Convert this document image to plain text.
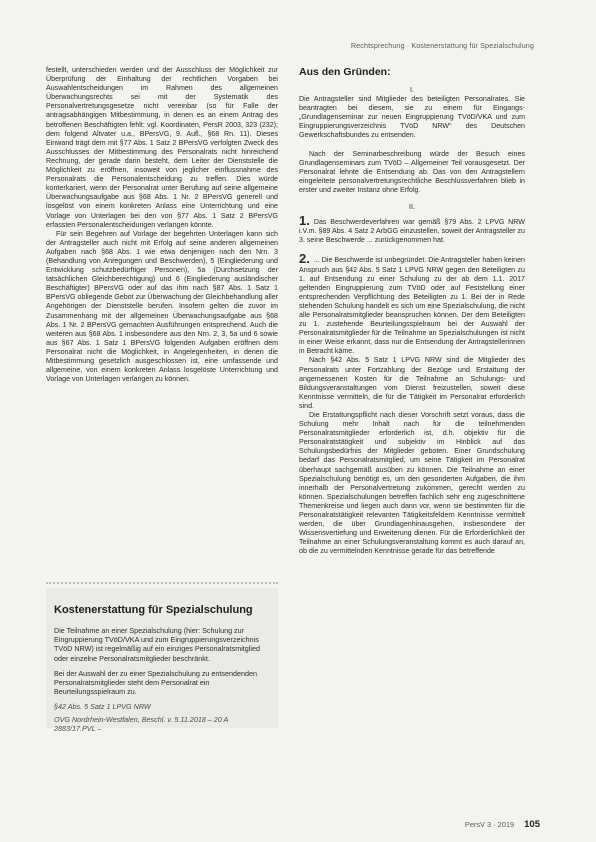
Rechtsprechung · Kostenerstattung für Spezialschulung

festellt, unterschieden werden und der Ausschluss der Möglichkeit zur Überprüfung der Einhaltung der rechtlichen Vorgaben bei Auswahlentscheidungen im Rahmen des allgemeinen Überwachungsrechts sei mit der Systematik des Personalvertretungsgesetze nicht vereinbar (so für Falle der antragsabhängigen Mitbestimmung, in denen es an einem Antrag des betroffenen Beschäftigten fehlt: vgl. Koordinaten, PersR 2003, 323 (232); dem folgend Altvater u.a., BPersVG, 9. Aufl., §68 Rn. 11). Dieses Einwand trägt dem mit §77 Abs. 1 Satz 2 BPersVG verfolgten Zweck des Ausschlusses der Mitbestimmung des Personalrats nicht hinreichend Rechnung, der gerade darin besteht, dem Leiter der Dienststelle die Möglichkeit zu eröffnen, insoweit von jeglicher einflussnahme des Personalrats die Personalentscheidung zu treffen. Dies würde konterkariert, wenn der Personalrat unter Berufung auf seine allgemeine Überwachungsaufgabe aus §68 Abs. 1 Nr. 2 BPersVG generell und losgelöst von einem konkreten Anlass eine Unterrichtung und eine Vorlage von Unterlagen bei den von §77 Abs. 1 Satz 2 BPersVG erfassten Personalentscheidungen verlangen könnte.

Für sein Begehren auf Vorlage der begehrten Unterlagen kann sich der Antragsteller auch nicht mit Erfolg auf seine anderen allgemeinen Aufgaben nach §68 Abs. 1 wie etwa denjenigen nach den Nrn. 3 (Behandlung von Anregungen und Beschwerden), 5 (Eingliederung und Entwicklung schutzbedürftiger Personen), 5a (Durchsetzung der tatsächlichen Gleichberechtigung) und 6 (Eingliederung ausländischer Beschäftigter) BPersVG oder auf das ihm nach §87 Abs. 1 Satz 1 BPersVG obliegende Gebot zur Überwachung der Gleichbehandlung aller Angehörigen der Dienststelle berufen. Insofern gelten die zuvor im Zusammenhang mit der allgemeinen Überwachungsaufgabe aus §68 Abs. 1 Nr. 2 BPersVG gemachten Ausführungen entsprechend. Auch die weiteren aus §68 Abs. 1 insbesondere aus den Nrn. 2, 3, 5a und 6 sowie aus §67 Abs. 1 Satz 1 BPersVG folgenden Aufgaben eröffnen dem Personalrat nicht die Möglichkeit, in Angelegenheiten, in denen die Mitbestimmung gesetzlich ausgeschlossen ist, eine umfassende und allgemeine, von einem konkreten Anlass losgelöste Unterrichtung und Vorlage von Unterlagen verlangen zu können.

Kostenerstattung für Spezialschulung

Die Teilnahme an einer Spezialschulung (hier: Schulung zur Eingruppierung TVöD/VKA und zum Eingruppierungsverzeichnis TVöD NRW) ist regelmäßig auf ein einziges Personalratsmitglied oder einzelne Personalratsmitglieder beschränkt.

Bei der Auswahl der zu einer Spezialschulung zu entsendenden Personalratsmitglieder steht dem Personalrat ein Beurteilungsspielraum zu.

§42 Abs. 5 Satz 1 LPVG NRW

OVG Nordrhein-Westfalen, Beschl. v. 5.11.2018 – 20 A 2883/17.PVL –

Aus den Gründen:
I.

Die Antragsteller sind Mitglieder des beteiligten Personalrates. Sie beantragten bei diesem, sie zu einem für Eingangs-„Grundlagenseminar zur neuen Eingruppierung TVöD/VKA und zum Eingruppierungsverzeichnis TVöD NRW“ des Deutschen Gewerkschaftsbundes zu entsenden.

Nach der Seminarbeschreibung würde der Besuch eines Grundlagenseminars zum TVöD – Allgemeiner Teil vorausgesetzt. Der Personalrat lehnte die Entsendung ab. Das von den Antragstellern eingeleitete personalvertretungsrechtliche Beschlussverfahren blieb in erster und zweiter Instanz ohne Erfolg.

II.

1. Das Beschwerdeverfahren war gemäß §79 Abs. 2 LPVG NRW i.V.m. §89 Abs. 4 Satz 2 ArbGG einzustellen, soweit der Antragsteller zu 3. seine Beschwerde ... zurückgenommen hat.

2. ... Die Beschwerde ist unbegründet. Die Antragsteller haben keinen Anspruch aus §42 Abs. 5 Satz 1 LPVG NRW gegen den Beteiligten zu 1. auf Entsendung zu einer Schulung zu der ab dem 1.1. 2017 geltenden Eingruppierung zum TVöD oder auf Feststellung einer entsprechenden Verpflichtung des Beteiligten zu 1. Bei der in Rede stehenden Schulung handelt es sich um eine Spezialschulung, die nicht alle Personalratsmitglieder beanspruchen können. Der dem Beteiligten zu 1. zustehende Beurteilungsspielraum bei der Auswahl der Personalratsmitglieder für die Teilnahme an Spezialschulungen ist nicht in einer Weise erkannt, dass nur die Entsendung der Antragstellerinnen in Betracht käme.

Nach §42 Abs. 5 Satz 1 LPVG NRW sind die Mitglieder des Personalrats unter Fortzahlung der Bezüge und Erstattung der angemessenen Kosten für die Teilnahme an Schulungs- und Bildungsveranstaltungen vom Dienst freizustellen, soweit diese Kenntnisse vermitteln, die für die Tätigkeit im Personalrat erforderlich sind.

Die Erstattungspflicht nach dieser Vorschrift setzt voraus, dass die Schulung mehr Inhalt nach für die teilnehmenden Personalratsmitglieder erforderlich ist, d.h. objektiv für die Personalratstätigkeit und subjektiv im Hinblick auf das Schulungsbedürfnis der Mitglieder geboten. Einer Grundschulung bedarf das Personalratsmitglied, um seine Tätigkeit im Personalrat überhaupt sachgemäß ausüben zu können. Die Teilnahme an einer Spezialschulung benötigt es, um den gesonderten Aufgaben, die ihm innerhalb der Personalvertretung zukommen, gerecht werden zu können. Spezialschulungen betreffen fachlich sehr eng zugeschnittene Themenkreise und liegen auch dann vor, wenn sie bestimmten für die Personalratstätigkeit relevanten Tätigkeitsfeldern Kenntnisse vermittelt werden, die über Grundlagenhinausgehen, insbesondere der Wissensvertiefung und Erweiterung dienen. Für die Erforderlichkeit der Teilnahme an einer Schulungsveranstaltung kommt es auch darauf an, ob die zu vermittelnden Kenntnisse gerade für das betreffende

PersV 3 · 2019 105
